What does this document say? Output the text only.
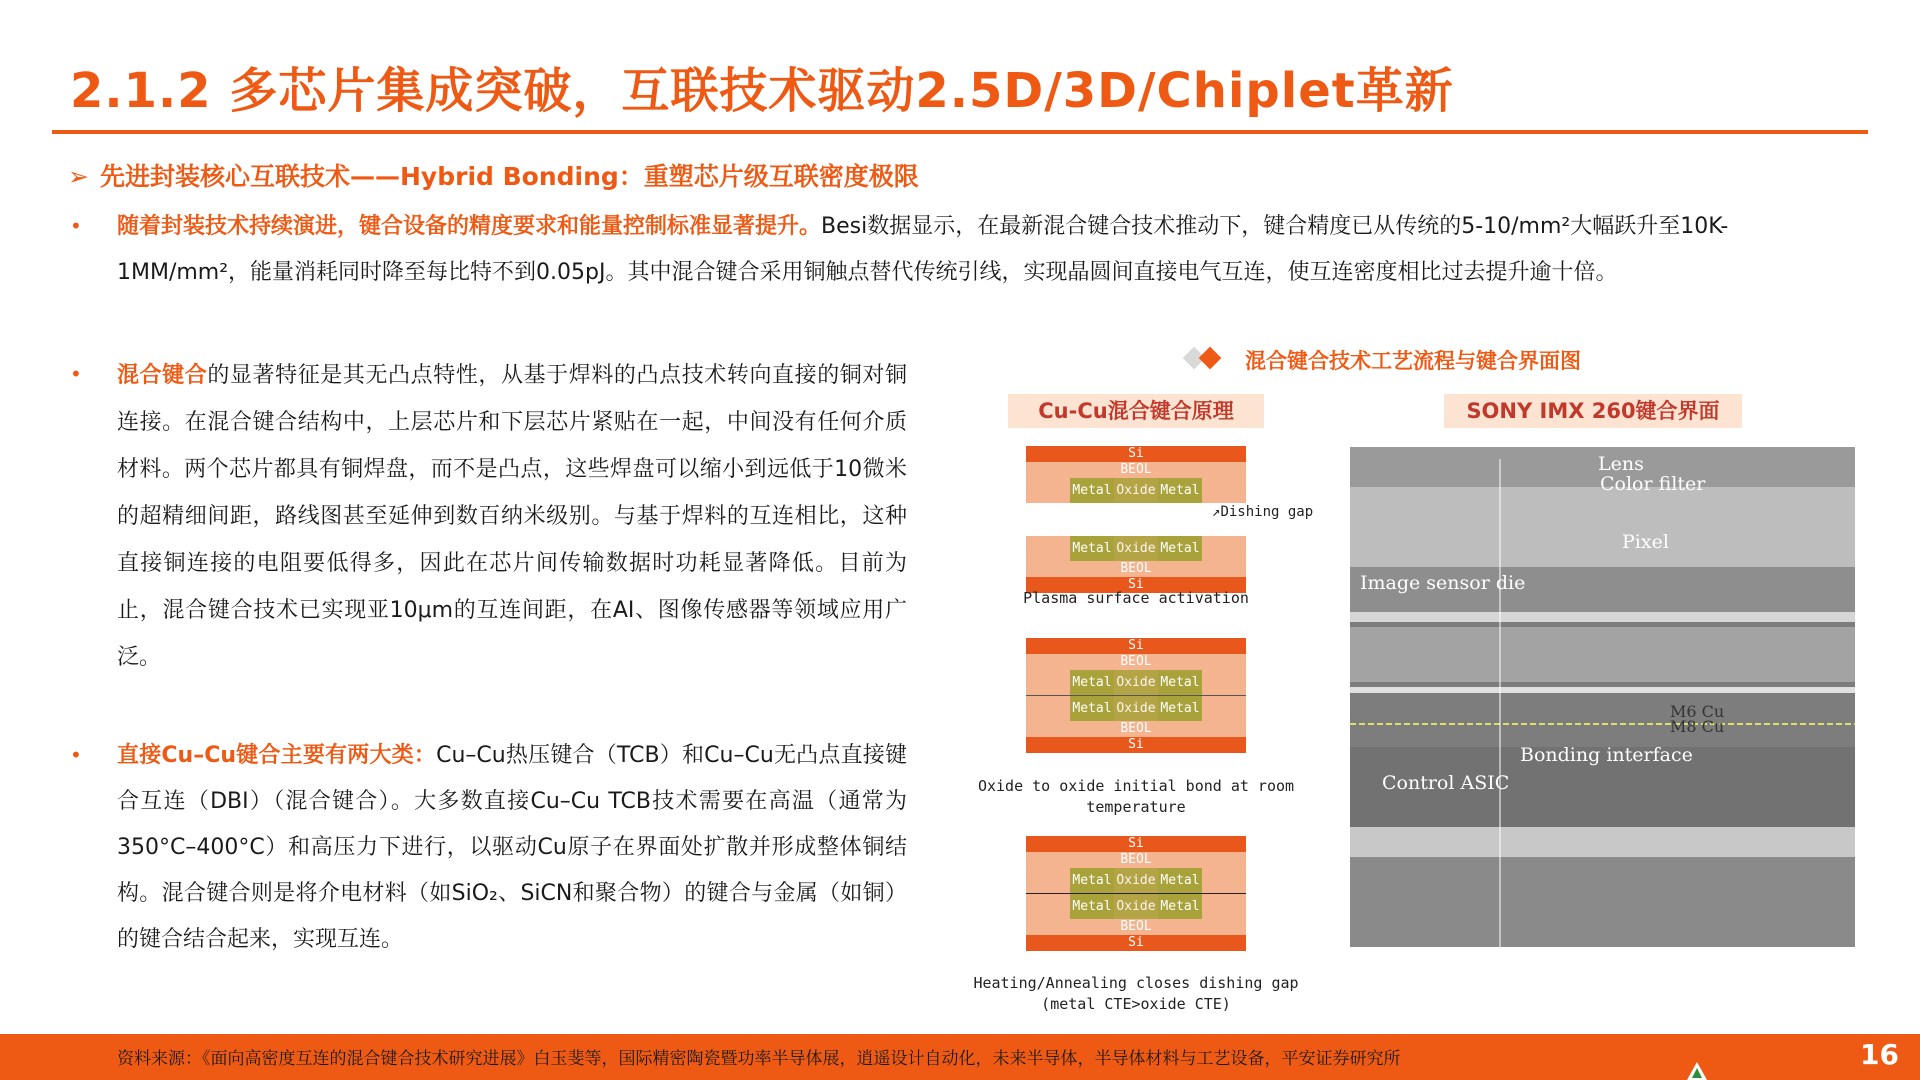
2.1.2 多芯片集成突破，互联技术驱动2.5D/3D/Chiplet革新
➢ 先进封装核心互联技术——Hybrid Bonding：重塑芯片级互联密度极限
• 随着封装技术持续演进，键合设备的精度要求和能量控制标准显著提升。Besi数据显示，在最新混合键合技术推动下，键合精度已从传统的5-10/mm²大幅跃升至10K-1MM/mm²，能量消耗同时降至每比特不到0.05pJ。其中混合键合采用铜触点替代传统引线，实现晶圆间直接电气互连，使互连密度相比过去提升逾十倍。
• 混合键合的显著特征是其无凸点特性，从基于焊料的凸点技术转向直接的铜对铜连接。在混合键合结构中，上层芯片和下层芯片紧贴在一起，中间没有任何介质材料。两个芯片都具有铜焊盘，而不是凸点，这些焊盘可以缩小到远低于10微米的超精细间距，路线图甚至延伸到数百纳米级别。与基于焊料的互连相比，这种直接铜连接的电阻要低得多，因此在芯片间传输数据时功耗显著降低。目前为止，混合键合技术已实现亚10μm的互连间距，在AI、图像传感器等领域应用广泛。
• 直接Cu–Cu键合主要有两大类：Cu–Cu热压键合（TCB）和Cu–Cu无凸点直接键合互连（DBI）（混合键合）。大多数直接Cu–Cu TCB技术需要在高温（通常为350°C–400°C）和高压力下进行，以驱动Cu原子在界面处扩散并形成整体铜结构。混合键合则是将介电材料（如SiO₂、SiCN和聚合物）的键合与金属（如铜）的键合结合起来，实现互连。
混合键合技术工艺流程与键合界面图
Cu-Cu混合键合原理	SONY IMX 260键合界面
Si
BEOL
Metal Oxide Metal
Metal Oxide Metal
BEOL
Si
↗Dishing gap
Plasma surface activation
Si
BEOL
Metal Oxide Metal
Metal Oxide Metal
BEOL
Si
Oxide to oxide initial bond at room
temperature
Si
BEOL
Metal Oxide Metal
Metal Oxide Metal
BEOL
Si
Heating/Annealing closes dishing gap
(metal CTE>oxide CTE)
Lens
Color filter
Pixel
Image sensor die
M6 Cu
M8 Cu
Bonding interface
Control ASIC
资料来源：《面向高密度互连的混合键合技术研究进展》白玉斐等，国际精密陶瓷暨功率半导体展，逍遥设计自动化，未来半导体，半导体材料与工艺设备，平安证券研究所	16
